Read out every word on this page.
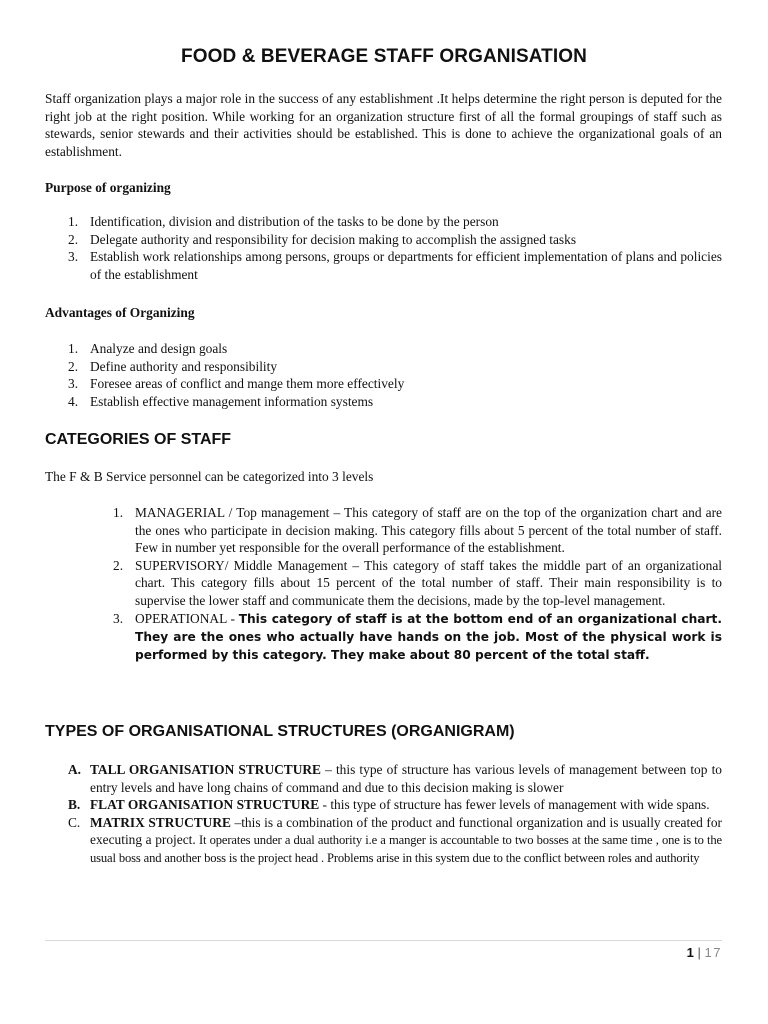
FOOD & BEVERAGE STAFF ORGANISATION

Staff organization plays a major role in the success of any establishment .It helps determine the right person is deputed for the right job at the right position. While working for an organization structure first of all the formal groupings of staff such as stewards, senior stewards and their activities should be established. This is done to achieve the organizational goals of an establishment.

Purpose of organizing
1. Identification, division and distribution of the tasks to be done by the person
2. Delegate authority and responsibility for decision making to accomplish the assigned tasks
3. Establish work relationships among persons, groups or departments for efficient implementation of plans and policies of the establishment
Advantages of Organizing
1. Analyze and design goals
2. Define authority and responsibility
3. Foresee areas of conflict and mange them more effectively
4. Establish effective management information systems
CATEGORIES OF STAFF
The F & B Service personnel can be categorized into 3 levels
1. MANAGERIAL / Top management – This category of staff are on the top of the organization chart and are the ones who participate in decision making. This category fills about 5 percent of the total number of staff. Few in number yet responsible for the overall performance of the establishment.
2. SUPERVISORY/ Middle Management – This category of staff takes the middle part of an organizational chart. This category fills about 15 percent of the total number of staff. Their main responsibility is to supervise the lower staff and communicate them the decisions, made by the top-level management.
3. OPERATIONAL - This category of staff is at the bottom end of an organizational chart. They are the ones who actually have hands on the job. Most of the physical work is performed by this category. They make about 80 percent of the total staff.
TYPES OF ORGANISATIONAL STRUCTURES (ORGANIGRAM)
A. TALL ORGANISATION STRUCTURE – this type of structure has various levels of management between top to entry levels and have long chains of command and due to this decision making is slower
B. FLAT ORGANISATION STRUCTURE - this type of structure has fewer levels of management with wide spans.
C. MATRIX STRUCTURE –this is a combination of the product and functional organization and is usually created for executing a project. It operates under a dual authority i.e a manger is accountable to two bosses at the same time , one is to the usual boss and another boss is the project head . Problems arise in this system due to the conflict between roles and authority
1 | 17
